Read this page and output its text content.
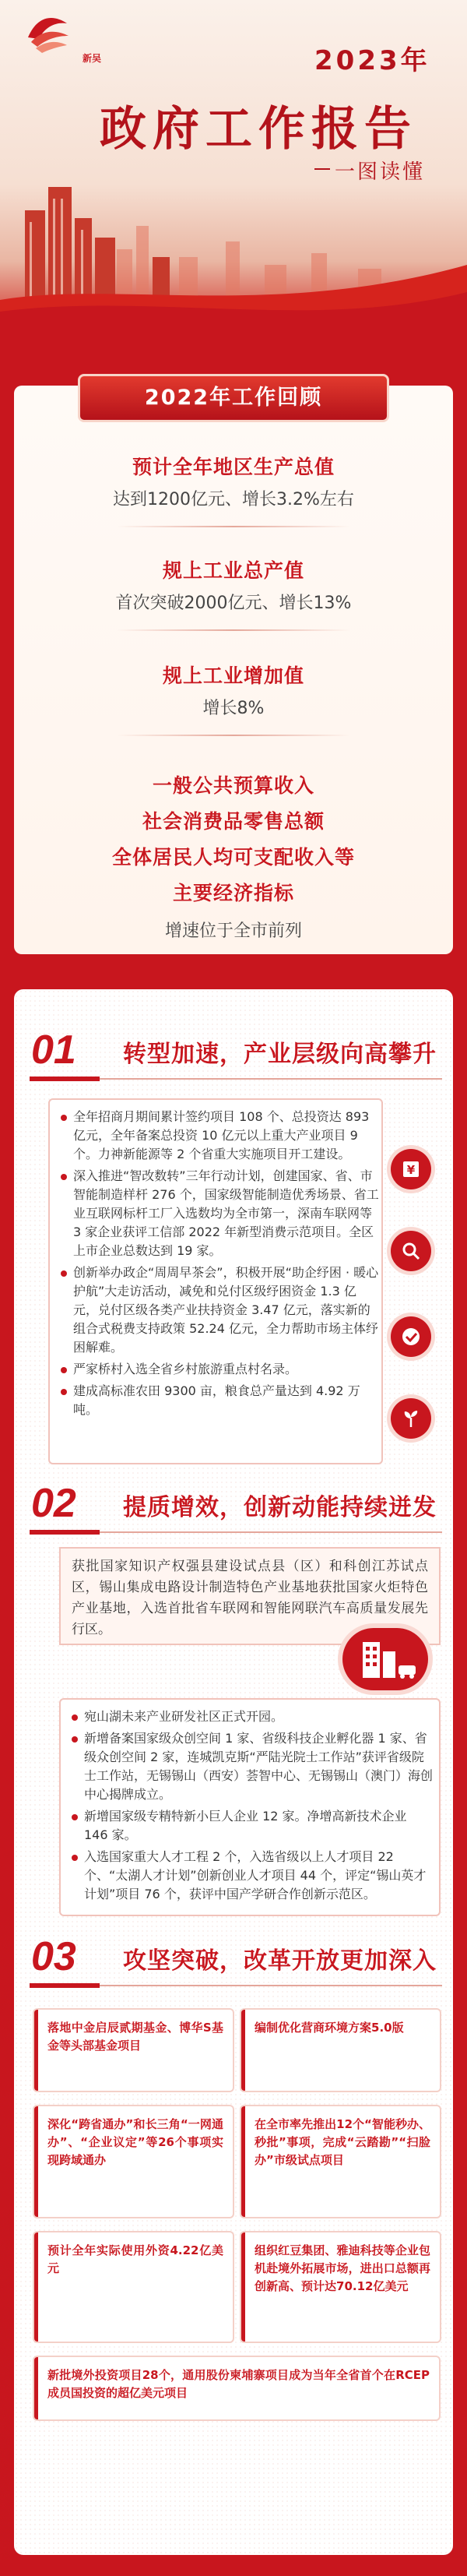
新吴	2023年
政府工作报告
一图读懂
2022年工作回顾
预计全年地区生产总值
达到1200亿元、增长3.2%左右
规上工业总产值
首次突破2000亿元、增长13%
规上工业增加值
增长8%
一般公共预算收入
社会消费品零售总额
全体居民人均可支配收入等
主要经济指标
增速位于全市前列
01 转型加速，产业层级向高攀升
全年招商月期间累计签约项目 108 个、总投资达 893 亿元，全年备案总投资 10 亿元以上重大产业项目 9 个。力神新能源等 2 个省重大实施项目开工建设。
深入推进“智改数转”三年行动计划，创建国家、省、市智能制造样杆 276 个，国家级智能制造优秀场景、省工业互联网标杆工厂入选数均为全市第一，深南车联网等 3 家企业获评工信部 2022 年新型消费示范项目。全区上市企业总数达到 19 家。
创新举办政企“周周早茶会”，积极开展“助企纾困 · 暖心护航”大走访活动，减免和兑付区级纾困资金 1.3 亿元，兑付区级各类产业扶持资金 3.47 亿元，落实新的组合式税费支持政策 52.24 亿元，全力帮助市场主体纾困解难。
严家桥村入选全省乡村旅游重点村名录。
建成高标准农田 9300 亩，粮食总产量达到 4.92 万吨。
¥
02 提质增效，创新动能持续迸发
获批国家知识产权强县建设试点县（区）和科创江苏试点区，锡山集成电路设计制造特色产业基地获批国家火炬特色产业基地，入选首批省车联网和智能网联汽车高质量发展先行区。
宛山湖未来产业研发社区正式开园。
新增备案国家级众创空间 1 家、省级科技企业孵化器 1 家、省级众创空间 2 家，连城凯克斯“严陆光院士工作站”获评省级院士工作站，无锡锡山（西安）荟智中心、无锡锡山（澳门）海创中心揭牌成立。
新增国家级专精特新小巨人企业 12 家。净增高新技术企业 146 家。
入选国家重大人才工程 2 个，入选省级以上人才项目 22 个、“太湖人才计划”创新创业人才项目 44 个，评定“锡山英才计划”项目 76 个，获评中国产学研合作创新示范区。
03 攻坚突破，改革开放更加深入
落地中金启辰贰期基金、博华S基金等头部基金项目
编制优化营商环境方案5.0版
深化“跨省通办”和长三角“一网通办”、“企业议定”等26个事项实现跨域通办
在全市率先推出12个“智能秒办、秒批”事项，完成“云踏勘”“扫脸办”市级试点项目
预计全年实际使用外资4.22亿美元
组织红豆集团、雅迪科技等企业包机赴境外拓展市场，进出口总额再创新高、预计达70.12亿美元
新批境外投资项目28个，通用股份柬埔寨项目成为当年全省首个在RCEP成员国投资的超亿美元项目
